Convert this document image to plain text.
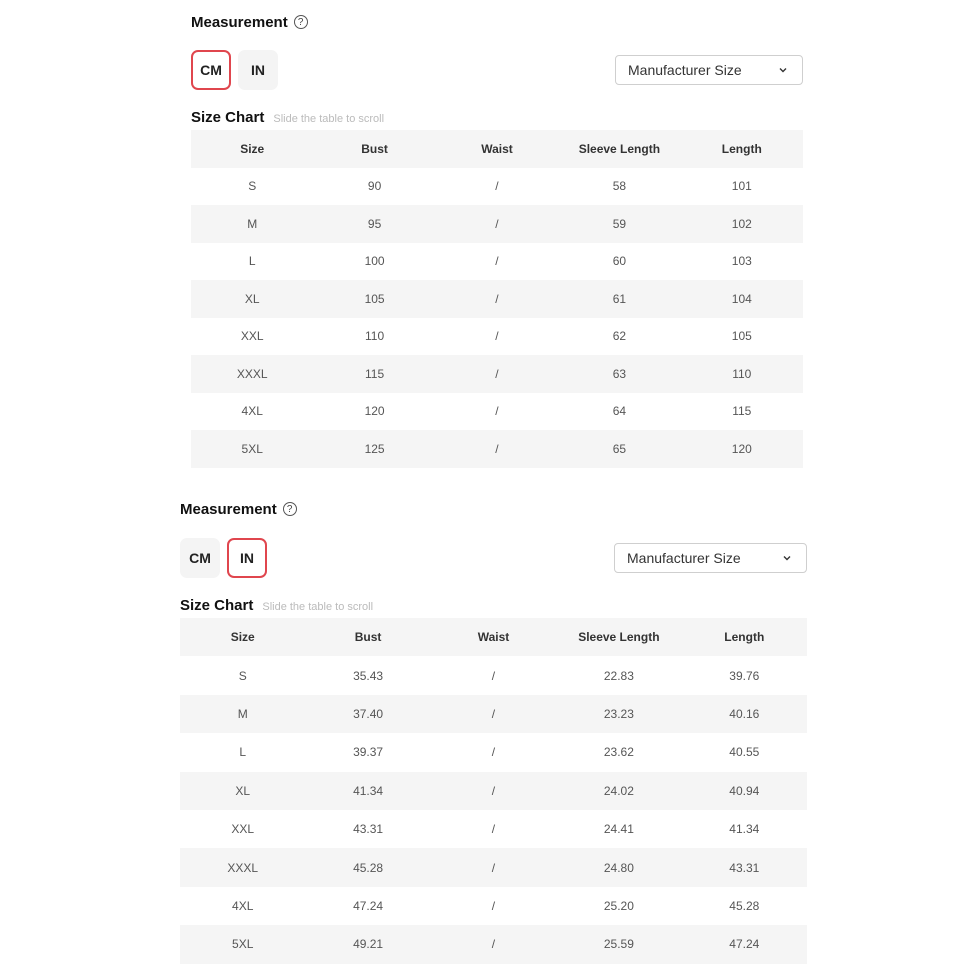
Measurement	?
CM	IN	Manufacturer Size
Size Chart Slide the table to scroll
Size	Bust	Waist	Sleeve Length	Length
S	90	/	58	101
M	95	/	59	102
L	100	/	60	103
XL	105	/	61	104
XXL	110	/	62	105
XXXL	115	/	63	110
4XL	120	/	64	115
5XL	125	/	65	120
Measurement	?
CM	IN	Manufacturer Size
Size Chart Slide the table to scroll
Size	Bust	Waist	Sleeve Length	Length
S	35.43	/	22.83	39.76
M	37.40	/	23.23	40.16
L	39.37	/	23.62	40.55
XL	41.34	/	24.02	40.94
XXL	43.31	/	24.41	41.34
XXXL	45.28	/	24.80	43.31
4XL	47.24	/	25.20	45.28
5XL	49.21	/	25.59	47.24
